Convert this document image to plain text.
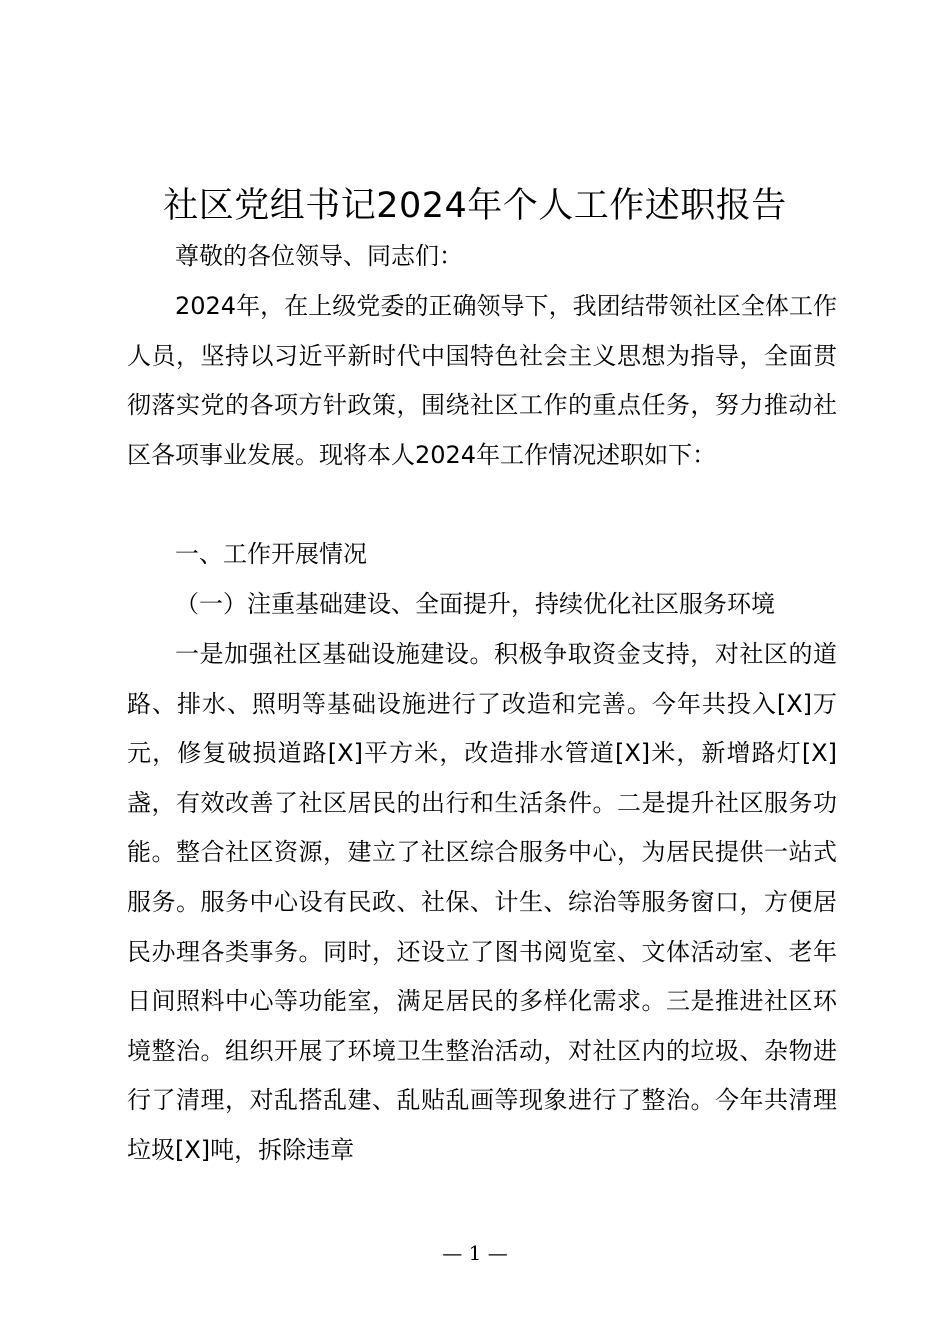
社区党组书记2024年个人工作述职报告

尊敬的各位领导、同志们：

2024年，在上级党委的正确领导下，我团结带领社区全体工作人员，坚持以习近平新时代中国特色社会主义思想为指导，全面贯彻落实党的各项方针政策，围绕社区工作的重点任务，努力推动社区各项事业发展。现将本人2024年工作情况述职如下：

一、工作开展情况

（一）注重基础建设、全面提升，持续优化社区服务环境

一是加强社区基础设施建设。积极争取资金支持，对社区的道路、排水、照明等基础设施进行了改造和完善。今年共投入[X]万元，修复破损道路[X]平方米，改造排水管道[X]米，新增路灯[X]盏，有效改善了社区居民的出行和生活条件。二是提升社区服务功能。整合社区资源，建立了社区综合服务中心，为居民提供一站式服务。服务中心设有民政、社保、计生、综治等服务窗口，方便居民办理各类事务。同时，还设立了图书阅览室、文体活动室、老年日间照料中心等功能室，满足居民的多样化需求。三是推进社区环境整治。组织开展了环境卫生整治活动，对社区内的垃圾、杂物进行了清理，对乱搭乱建、乱贴乱画等现象进行了整治。今年共清理垃圾[X]吨，拆除违章

— 1 —
